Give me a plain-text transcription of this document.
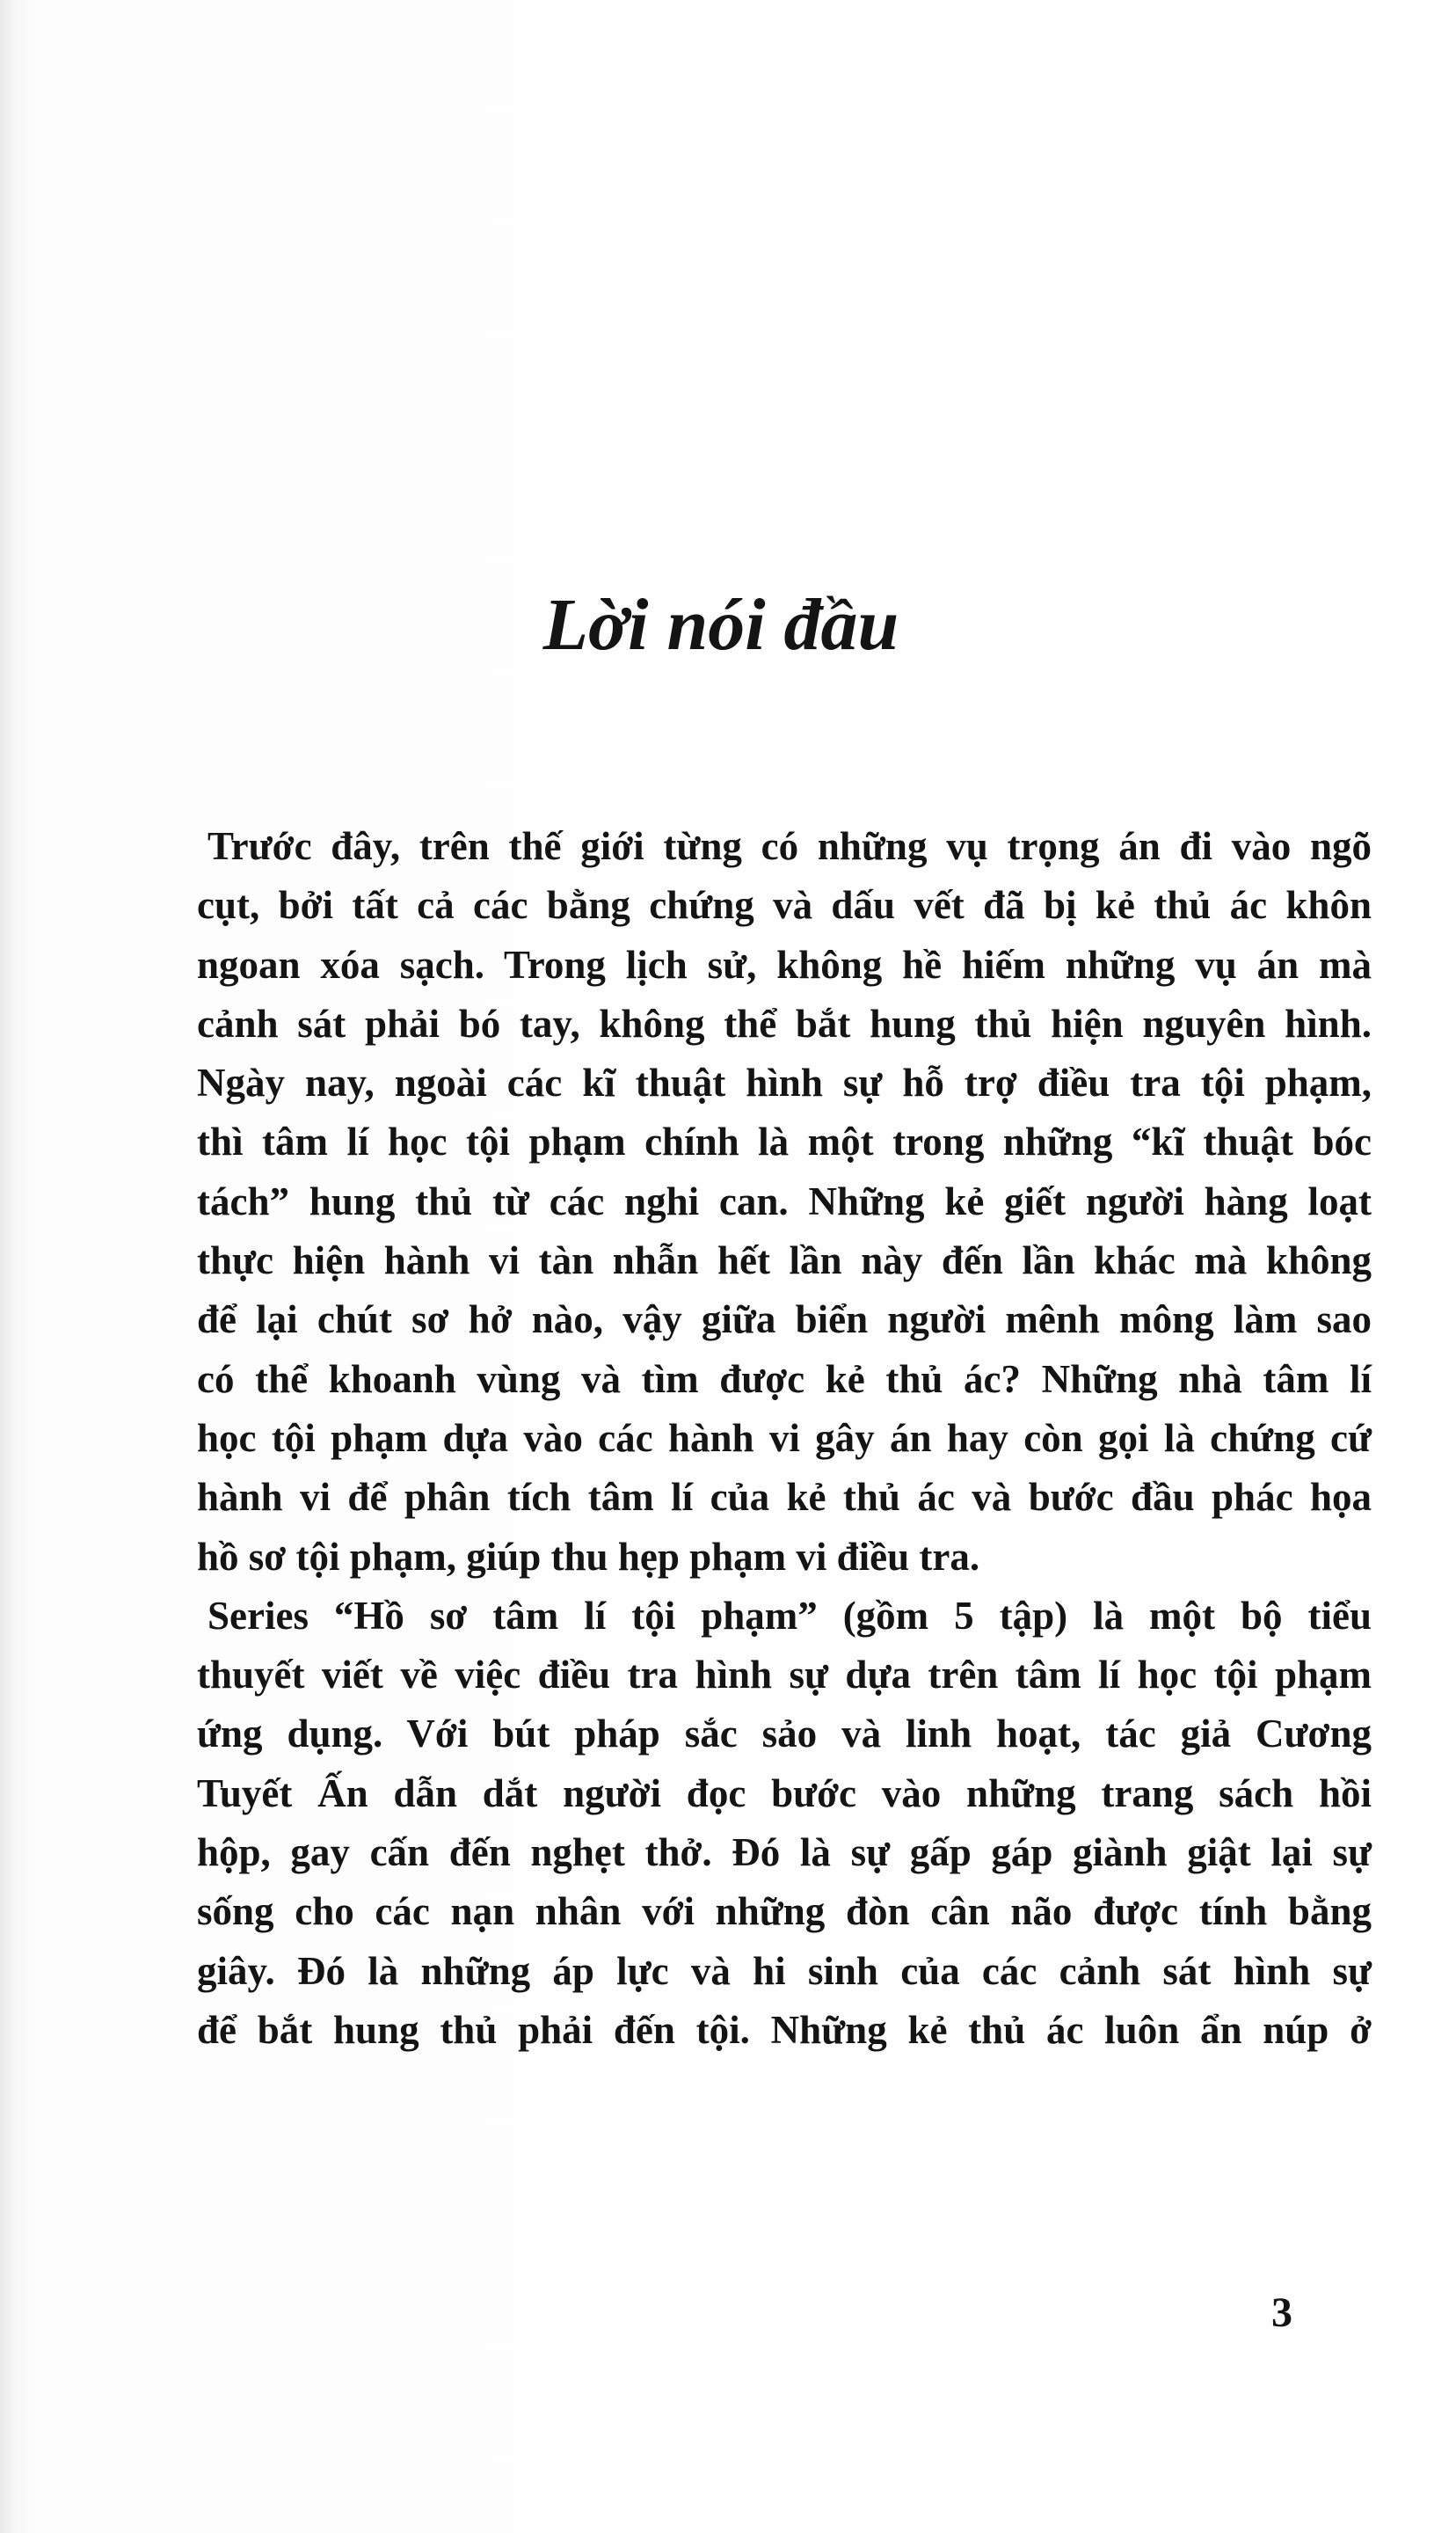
Lời nói đầu
Trước đây, trên thế giới từng có những vụ trọng án đi vào ngõ
cụt, bởi tất cả các bằng chứng và dấu vết đã bị kẻ thủ ác khôn
ngoan xóa sạch. Trong lịch sử, không hề hiếm những vụ án mà
cảnh sát phải bó tay, không thể bắt hung thủ hiện nguyên hình.
Ngày nay, ngoài các kĩ thuật hình sự hỗ trợ điều tra tội phạm,
thì tâm lí học tội phạm chính là một trong những “kĩ thuật bóc
tách” hung thủ từ các nghi can. Những kẻ giết người hàng loạt
thực hiện hành vi tàn nhẫn hết lần này đến lần khác mà không
để lại chút sơ hở nào, vậy giữa biển người mênh mông làm sao
có thể khoanh vùng và tìm được kẻ thủ ác? Những nhà tâm lí
học tội phạm dựa vào các hành vi gây án hay còn gọi là chứng cứ
hành vi để phân tích tâm lí của kẻ thủ ác và bước đầu phác họa
hồ sơ tội phạm, giúp thu hẹp phạm vi điều tra.
Series “Hồ sơ tâm lí tội phạm” (gồm 5 tập) là một bộ tiểu
thuyết viết về việc điều tra hình sự dựa trên tâm lí học tội phạm
ứng dụng. Với bút pháp sắc sảo và linh hoạt, tác giả Cương
Tuyết Ấn dẫn dắt người đọc bước vào những trang sách hồi
hộp, gay cấn đến nghẹt thở. Đó là sự gấp gáp giành giật lại sự
sống cho các nạn nhân với những đòn cân não được tính bằng
giây. Đó là những áp lực và hi sinh của các cảnh sát hình sự
để bắt hung thủ phải đến tội. Những kẻ thủ ác luôn ẩn núp ở
3
